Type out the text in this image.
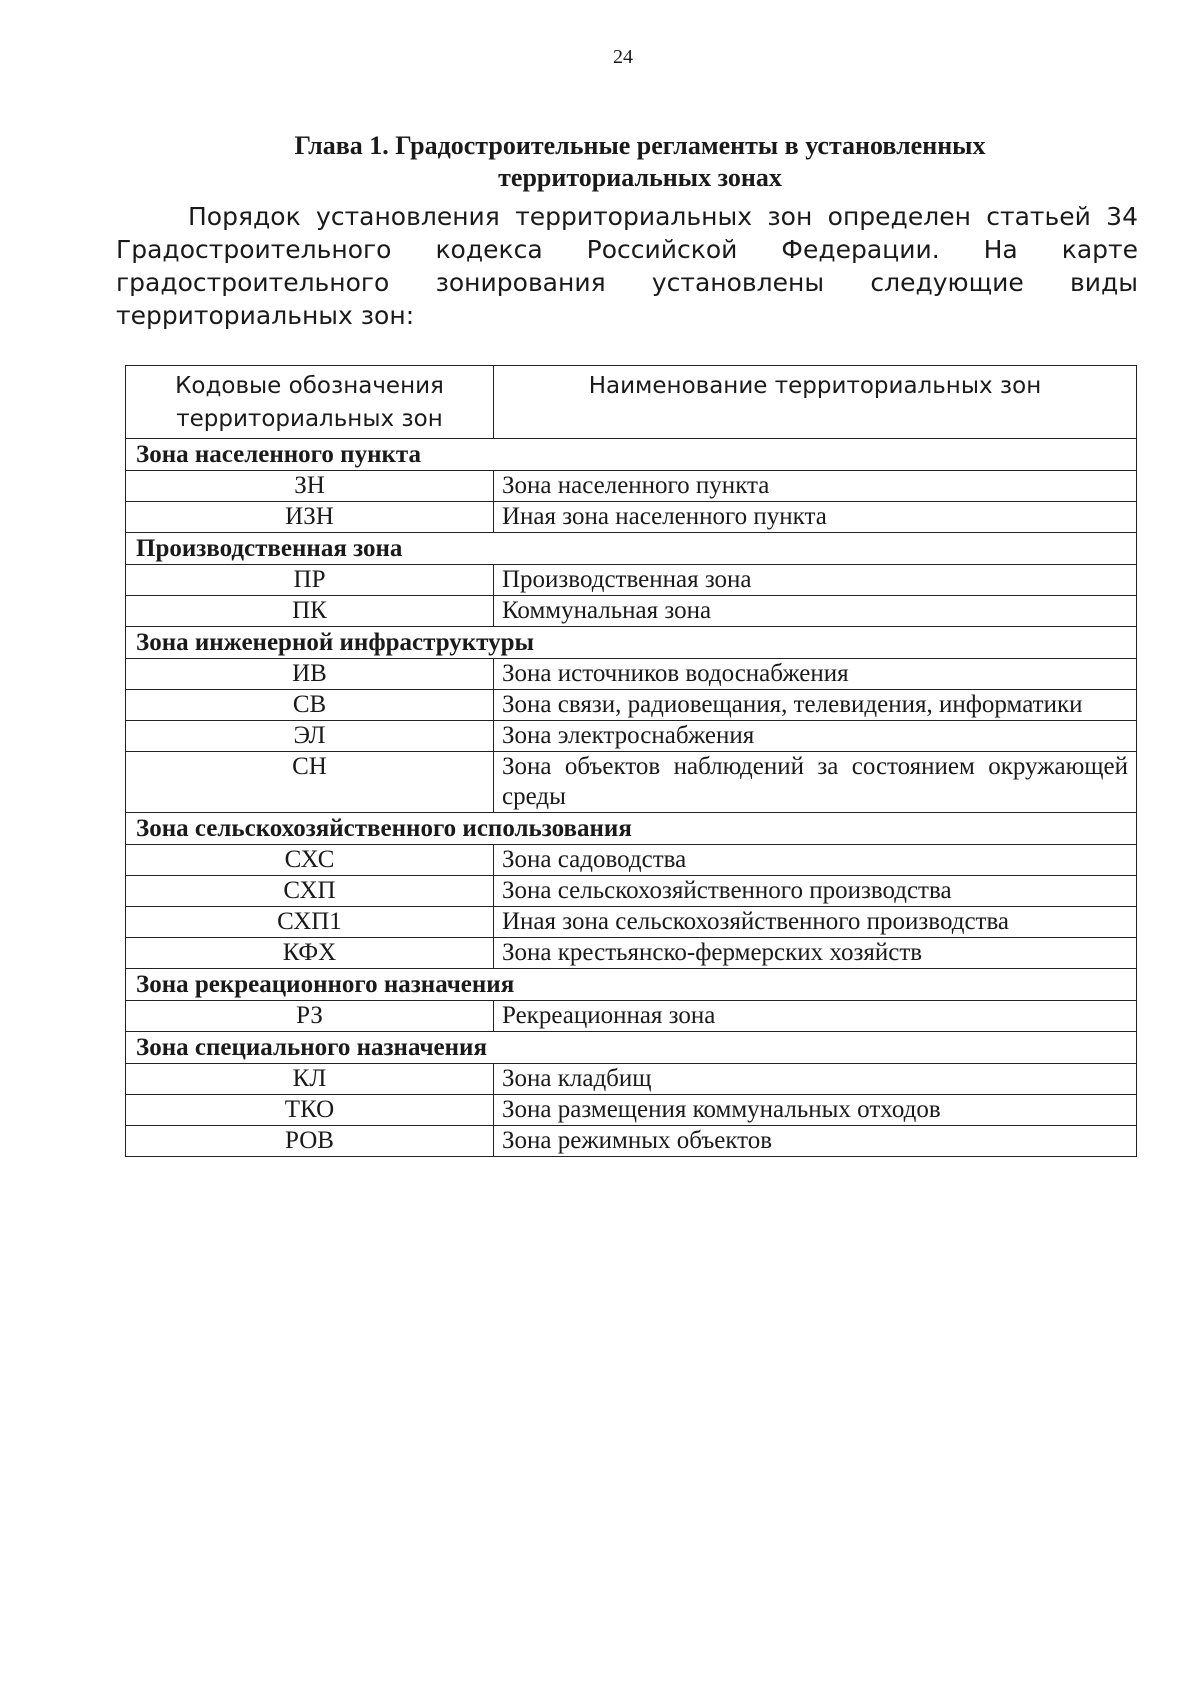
24
Глава 1. Градостроительные регламенты в установленных территориальных зонах

Порядок установления территориальных зон определен статьей 34 Градостроительного кодекса Российской Федерации. На карте градостроительного зонирования установлены следующие виды территориальных зон:

Кодовые обозначения территориальных зон	Наименование территориальных зон
Зона населенного пункта	
ЗН	Зона населенного пункта
ИЗН	Иная зона населенного пункта
Производственная зона	
ПР	Производственная зона
ПК	Коммунальная зона
Зона инженерной инфраструктуры	
ИВ	Зона источников водоснабжения
СВ	Зона связи, радиовещания, телевидения, информатики
ЭЛ	Зона электроснабжения
СН	Зона объектов наблюдений за состоянием окружающей среды
Зона сельскохозяйственного использования	
СХС	Зона садоводства
СХП	Зона сельскохозяйственного производства
СХП1	Иная зона сельскохозяйственного производства
КФХ	Зона крестьянско-фермерских хозяйств
Зона рекреационного назначения	
РЗ	Рекреационная зона
Зона специального назначения	
КЛ	Зона кладбищ
ТКО	Зона размещения коммунальных отходов
РОВ	Зона режимных объектов
